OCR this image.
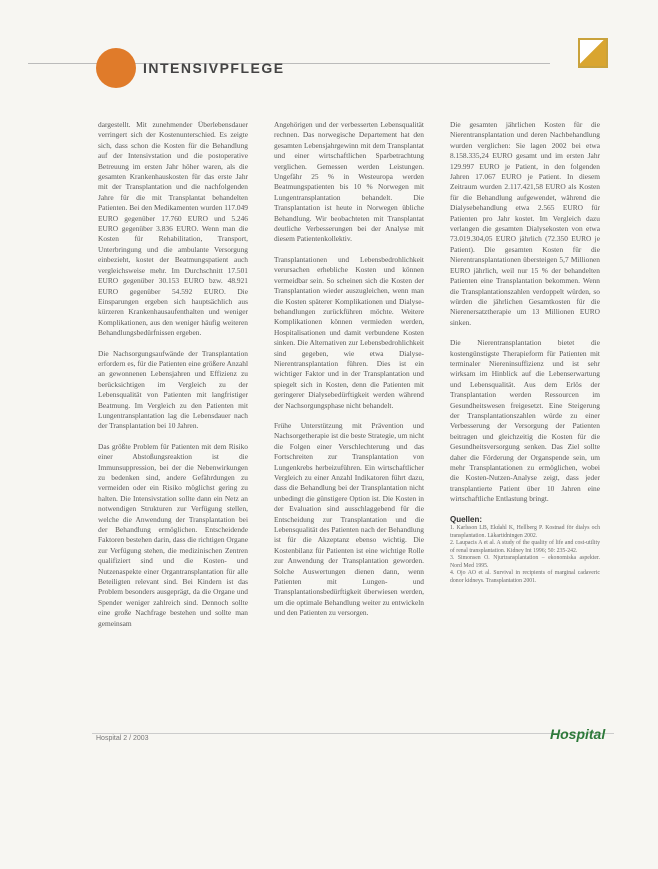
INTENSIVPFLEGE

dargestellt. Mit zunehmender Überlebensdauer verringert sich der Kostenunterschied. Es zeigte sich, dass schon die Kosten für die Behandlung auf der Intensivstation und die postoperative Betreuung im ersten Jahr höher waren, als die gesamten Krankenhauskosten für das erste Jahr mit der Transplantation und die nachfolgenden Jahre für die mit Transplantat behandelten Patienten. Bei den Medikamenten wurden 117.049 EURO gegenüber 17.760 EURO und 5.246 EURO gegenüber 3.836 EURO. Wenn man die Kosten für Rehabilitation, Transport, Unterbringung und die ambulante Versorgung einbezieht, kostet der Beatmungspatient auch vergleichsweise mehr. Im Durchschnitt 17.501 EURO gegenüber 30.153 EURO bzw. 48.921 EURO gegenüber 54.592 EURO. Die Einsparungen ergeben sich hauptsächlich aus kürzeren Krankenhausaufenthalten und weniger Komplikationen, aus den weniger häufig weiteren Behandlungsbedürfnissen ergeben.

Die Nachsorgungsaufwände der Transplantation erfordern es, für die Patienten eine größere Anzahl an gewonnenen Lebensjahren und Effizienz zu berücksichtigen im Vergleich zu der Lebensqualität von Patienten mit langfristiger Beatmung. Im Vergleich zu den Patienten mit Lungentransplantation lag die Lebensdauer nach der Transplantation bei 10 Jahren.

Das größte Problem für Patienten mit dem Risiko einer Abstoßungsreaktion ist die Immunsuppression, bei der die Nebenwirkungen zu bedenken sind, andere Gefährdungen zu vermeiden oder ein Risiko möglichst gering zu halten. Die Intensivstation sollte dann ein Netz an notwendigen Strukturen zur Verfügung stellen, welche die Anwendung der Transplantation bei der Behandlung ermöglichen. Entscheidende Faktoren bestehen darin, dass die richtigen Organe zur Verfügung stehen, die medizinischen Zentren qualifiziert sind und die Kosten- und Nutzenaspekte einer Organtransplantation für alle Beteiligten relevant sind. Bei Kindern ist das Problem besonders ausgeprägt, da die Organe und Spender weniger zahlreich sind. Dennoch sollte eine große Nachfrage bestehen und sollte man gemeinsam

Angehörigen und der verbesserten Lebensqualität rechnen. Das norwegische Departement hat den gesamten Lebensjahrgewinn mit dem Transplantat und einer wirtschaftlichen Sparbetrachtung verglichen. Gemessen werden Leistungen. Ungefähr 25 % in Westeuropa werden Beatmungspatienten bis 10 % Norwegen mit Lungentransplantation behandelt. Die Transplantation ist heute in Norwegen übliche Behandlung. Wir beobachteten mit Transplantat deutliche Verbesserungen bei der Analyse mit diesem Patientenkollektiv.

Transplantationen und Lebensbedrohlichkeit verursachen erhebliche Kosten und können vermeidbar sein. So scheinen sich die Kosten der Transplantation wieder auszugleichen, wenn man die Kosten späterer Komplikationen und Dialyse-behandlungen zurückführen möchte. Weitere Komplikationen können vermieden werden, Hospitalisationen und damit verbundene Kosten sinken. Die Alternativen zur Lebensbedrohlichkeit sind gegeben, wie etwa Dialyse-Nierentransplantation führen. Dies ist ein wichtiger Faktor und in der Transplantation und spiegelt sich in Kosten, denn die Patienten mit geringerer Dialysebedürftigkeit werden während der Nachsorgungsphase nicht behandelt.

Frühe Unterstützung mit Prävention und Nachsorgetherapie ist die beste Strategie, um nicht die Folgen einer Verschlechterung und das Fortschreiten zur Transplantation von Lungenkrebs herbeizuführen. Ein wirtschaftlicher Vergleich zu einer Anzahl Indikatoren führt dazu, dass die Behandlung bei der Transplantation nicht unbedingt die günstigere Option ist. Die Kosten in der Evaluation sind ausschlaggebend für die Entscheidung zur Transplantation und die Lebensqualität des Patienten nach der Behandlung ist für die Akzeptanz ebenso wichtig. Die Kostenbilanz für Patienten ist eine wichtige Rolle zur Anwendung der Transplantation geworden. Solche Auswertungen dienen dann, wenn Patienten mit Lungen- und Transplantationsbedürftigkeit überwiesen werden, um die optimale Behandlung weiter zu entwickeln und den Patienten zu versorgen.

Die gesamten jährlichen Kosten für die Nierentransplantation und deren Nachbehandlung wurden verglichen: Sie lagen 2002 bei etwa 8.158.335,24 EURO gesamt und im ersten Jahr 129.997 EURO je Patient, in den folgenden Jahren 17.067 EURO je Patient. In diesem Zeitraum wurden 2.117.421,58 EURO als Kosten für die Behandlung aufgewendet, während die Dialysebehandlung etwa 2.565 EURO für Patienten pro Jahr kostet. Im Vergleich dazu verlangen die gesamten Dialysekosten von etwa 73.019.304,05 EURO jährlich (72.350 EURO je Patient). Die gesamten Kosten für die Nierentransplantationen übersteigen 5,7 Millionen EURO jährlich, weil nur 15 % der behandelten Patienten eine Transplantation bekommen. Wenn die Transplantationszahlen verdoppelt würden, so würden die jährlichen Gesamtkosten für die Nierenersatztherapie um 13 Millionen EURO sinken.

Die Nierentransplantation bietet die kostengünstigste Therapieform für Patienten mit terminaler Niereninsuffizienz und ist sehr wirksam im Hinblick auf die Lebenserwartung und Lebensqualität. Aus dem Erlös der Transplantation werden Ressourcen im Gesundheitswesen freigesetzt. Eine Steigerung der Transplantationszahlen würde zu einer Verbesserung der Versorgung der Patienten beitragen und gleichzeitig die Kosten für die Gesundheitsversorgung senken. Das Ziel sollte daher die Förderung der Organspende sein, um mehr Transplantationen zu ermöglichen, wobei die Kosten-Nutzen-Analyse zeigt, dass jeder transplantierte Patient über 10 Jahren eine wirtschaftliche Entlastung bringt.

Quellen:
1. Karlsson LB, Ekdahl K, Hellberg P. Kostnad för dialys och transplantation. Läkartidningen 2002.
2. Laupacis A et al. A study of the quality of life and cost-utility of renal transplantation. Kidney Int 1996; 50: 235-242.
3. Simonsen O. Njurtransplantation – ekonomiska aspekter. Nord Med 1995.
4. Ojo AO et al. Survival in recipients of marginal cadaveric donor kidneys. Transplantation 2001.
Hospital 2 / 2003	Hospital
